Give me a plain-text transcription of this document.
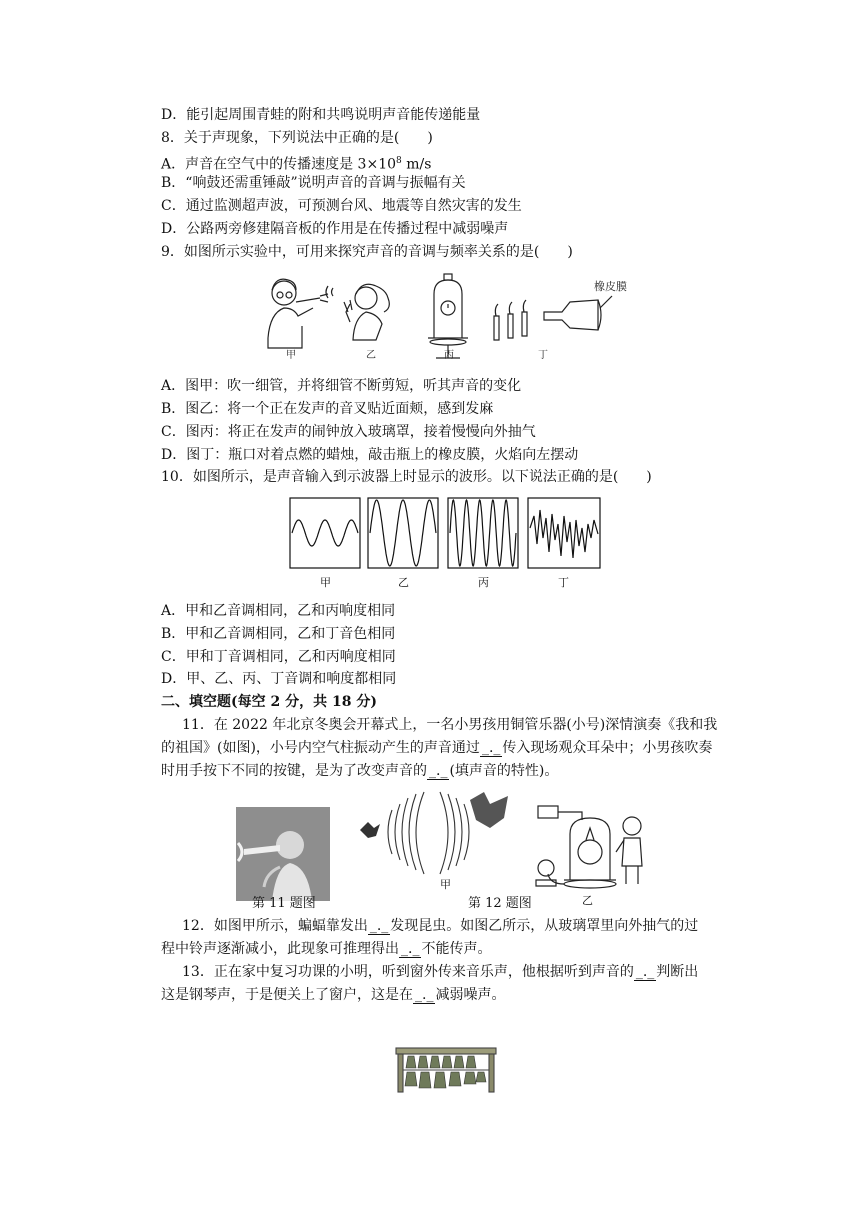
D．能引起周围青蛙的附和共鸣说明声音能传递能量
8．关于声现象，下列说法中正确的是(　　)
A．声音在空气中的传播速度是 $3\times 10^8$ m/s
B．“响鼓还需重锤敲”说明声音的音调与振幅有关
C．通过监测超声波，可预测台风、地震等自然灾害的发生
D．公路两旁修建隔音板的作用是在传播过程中减弱噪声
9．如图所示实验中，可用来探究声音的音调与频率关系的是(　　)
橡皮膜
甲	乙	丙	丁
A．图甲：吹一细管，并将细管不断剪短，听其声音的变化
B．图乙：将一个正在发声的音叉贴近面颊，感到发麻
C．图丙：将正在发声的闹钟放入玻璃罩，接着慢慢向外抽气
D．图丁：瓶口对着点燃的蜡烛，敲击瓶上的橡皮膜，火焰向左摆动
10．如图所示，是声音输入到示波器上时显示的波形。以下说法正确的是(　　)
甲	乙	丙	丁
A．甲和乙音调相同，乙和丙响度相同
B．甲和乙音调相同，乙和丁音色相同
C．甲和丁音调相同，乙和丙响度相同
D．甲、乙、丙、丁音调和响度都相同
二、填空题(每空 2 分，共 18 分)
11．在 2022 年北京冬奥会开幕式上，一名小男孩用铜管乐器(小号)深情演奏《我和我
的祖国》(如图)，小号内空气柱振动产生的声音通过 _._ 传入现场观众耳朵中；小男孩吹奏
时用手按下不同的按键，是为了改变声音的 _._ (填声音的特性)。
第 11 题图
甲
第 12 题图	乙
12．如图甲所示，蝙蝠靠发出 _._ 发现昆虫。如图乙所示，从玻璃罩里向外抽气的过
程中铃声逐渐减小，此现象可推理得出 _._ 不能传声。
13．正在家中复习功课的小明，听到窗外传来音乐声，他根据听到声音的 _._ 判断出
这是钢琴声，于是便关上了窗户，这是在 _._ 减弱噪声。
